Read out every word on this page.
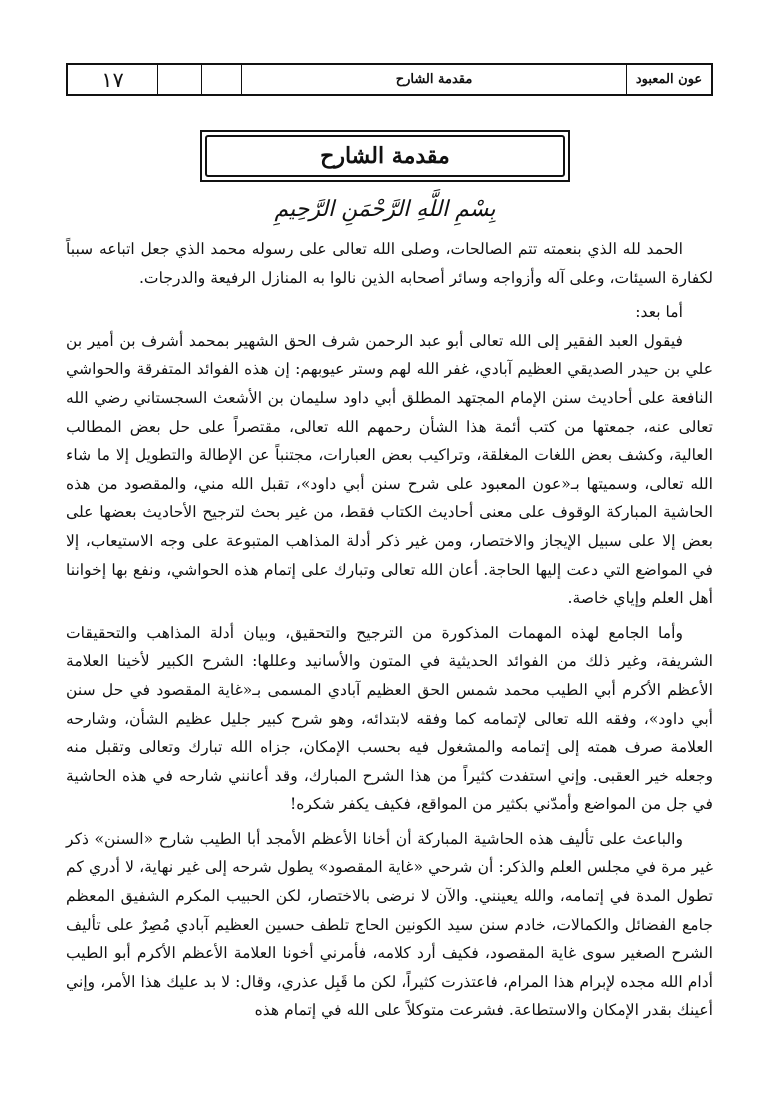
١٧	مقدمة الشارح	عون المعبود
مقدمة الشارح
بِسْمِ اللَّهِ الرَّحْمَنِ الرَّحِيمِ

الحمد لله الذي بنعمته تتم الصالحات، وصلى الله تعالى على رسوله محمد الذي جعل اتباعه سبباً لكفارة السيئات، وعلى آله وأزواجه وسائر أصحابه الذين نالوا به المنازل الرفيعة والدرجات.

أما بعد:

فيقول العبد الفقير إلى الله تعالى أبو عبد الرحمن شرف الحق الشهير بمحمد أشرف بن أمير بن علي بن حيدر الصديقي العظيم آبادي، غفر الله لهم وستر عيوبهم: إن هذه الفوائد المتفرقة والحواشي النافعة على أحاديث سنن الإمام المجتهد المطلق أبي داود سليمان بن الأشعث السجستاني رضي الله تعالى عنه، جمعتها من كتب أئمة هذا الشأن رحمهم الله تعالى، مقتصراً على حل بعض المطالب العالية، وكشف بعض اللغات المغلقة، وتراكيب بعض العبارات، مجتنباً عن الإطالة والتطويل إلا ما شاء الله تعالى، وسميتها بـ«عون المعبود على شرح سنن أبي داود»، تقبل الله مني، والمقصود من هذه الحاشية المباركة الوقوف على معنى أحاديث الكتاب فقط، من غير بحث لترجيح الأحاديث بعضها على بعض إلا على سبيل الإيجاز والاختصار، ومن غير ذكر أدلة المذاهب المتبوعة على وجه الاستيعاب، إلا في المواضع التي دعت إليها الحاجة. أعان الله تعالى وتبارك على إتمام هذه الحواشي، ونفع بها إخواننا أهل العلم وإياي خاصة.

وأما الجامع لهذه المهمات المذكورة من الترجيح والتحقيق، وبيان أدلة المذاهب والتحقيقات الشريفة، وغير ذلك من الفوائد الحديثية في المتون والأسانيد وعللها: الشرح الكبير لأخينا العلامة الأعظم الأكرم أبي الطيب محمد شمس الحق العظيم آبادي المسمى بـ«غاية المقصود في حل سنن أبي داود»، وفقه الله تعالى لإتمامه كما وفقه لابتدائه، وهو شرح كبير جليل عظيم الشأن، وشارحه العلامة صرف همته إلى إتمامه والمشغول فيه بحسب الإمكان، جزاه الله تبارك وتعالى وتقبل منه وجعله خير العقبى. وإني استفدت كثيراً من هذا الشرح المبارك، وقد أعانني شارحه في هذه الحاشية في جل من المواضع وأمدّني بكثير من المواقع، فكيف يكفر شكره!

والباعث على تأليف هذه الحاشية المباركة أن أخانا الأعظم الأمجد أبا الطيب شارح «السنن» ذكر غير مرة في مجلس العلم والذكر: أن شرحي «غاية المقصود» يطول شرحه إلى غير نهاية، لا أدري كم تطول المدة في إتمامه، والله يعينني. والآن لا نرضى بالاختصار، لكن الحبيب المكرم الشفيق المعظم جامع الفضائل والكمالات، خادم سنن سيد الكونين الحاج تلطف حسين العظيم آبادي مُصِرٌ على تأليف الشرح الصغير سوى غاية المقصود، فكيف أرد كلامه، فأمرني أخونا العلامة الأعظم الأكرم أبو الطيب أدام الله مجده لإبرام هذا المرام، فاعتذرت كثيراً، لكن ما قَبِل عذري، وقال: لا بد عليك هذا الأمر، وإني أعينك بقدر الإمكان والاستطاعة. فشرعت متوكلاً على الله في إتمام هذه
